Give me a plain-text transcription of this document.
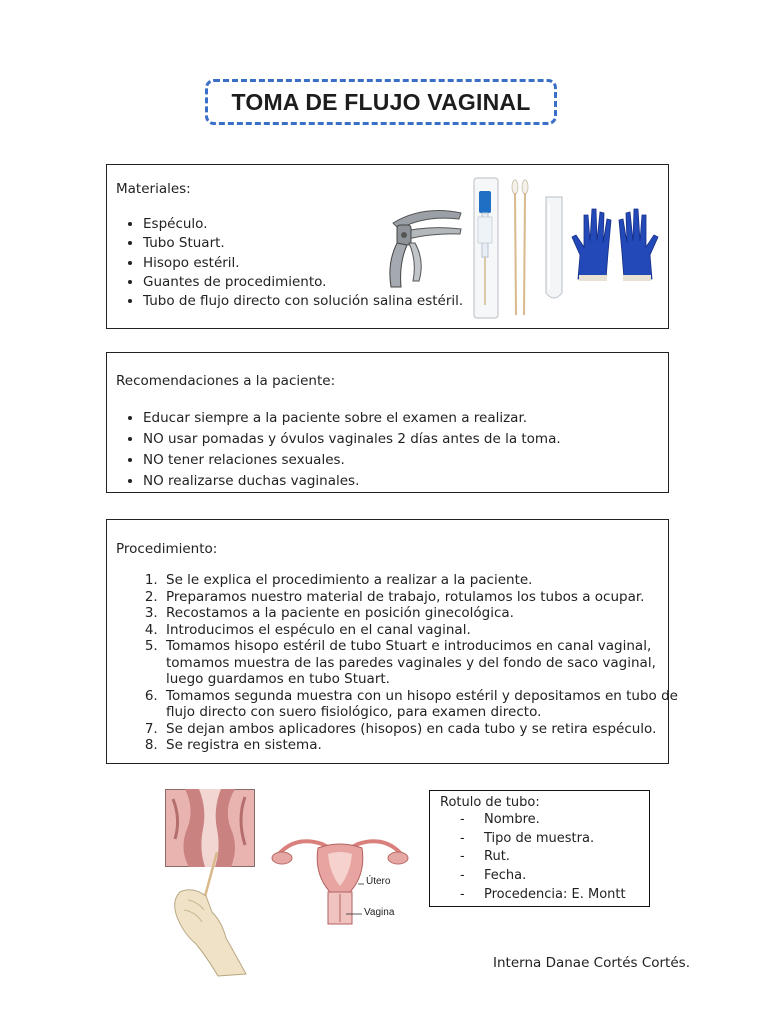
TOMA DE FLUJO VAGINAL
Materiales:
• Espéculo.
• Tubo Stuart.
• Hisopo estéril.
• Guantes de procedimiento.
• Tubo de flujo directo con solución salina estéril.
Recomendaciones a la paciente:
• Educar siempre a la paciente sobre el examen a realizar.
• NO usar pomadas y óvulos vaginales 2 días antes de la toma.
• NO tener relaciones sexuales.
• NO realizarse duchas vaginales.
Procedimiento:
1. Se le explica el procedimiento a realizar a la paciente.
2. Preparamos nuestro material de trabajo, rotulamos los tubos a ocupar.
3. Recostamos a la paciente en posición ginecológica.
4. Introducimos el espéculo en el canal vaginal.
5. Tomamos hisopo estéril de tubo Stuart e introducimos en canal vaginal, tomamos muestra de las paredes vaginales y del fondo de saco vaginal, luego guardamos en tubo Stuart.
6. Tomamos segunda muestra con un hisopo estéril y depositamos en tubo de flujo directo con suero fisiológico, para examen directo.
7. Se dejan ambos aplicadores (hisopos) en cada tubo y se retira espéculo.
8. Se registra en sistema.
Útero
Vagina
Rotulo de tubo:
- Nombre.
- Tipo de muestra.
- Rut.
- Fecha.
- Procedencia: E. Montt
Interna Danae Cortés Cortés.
